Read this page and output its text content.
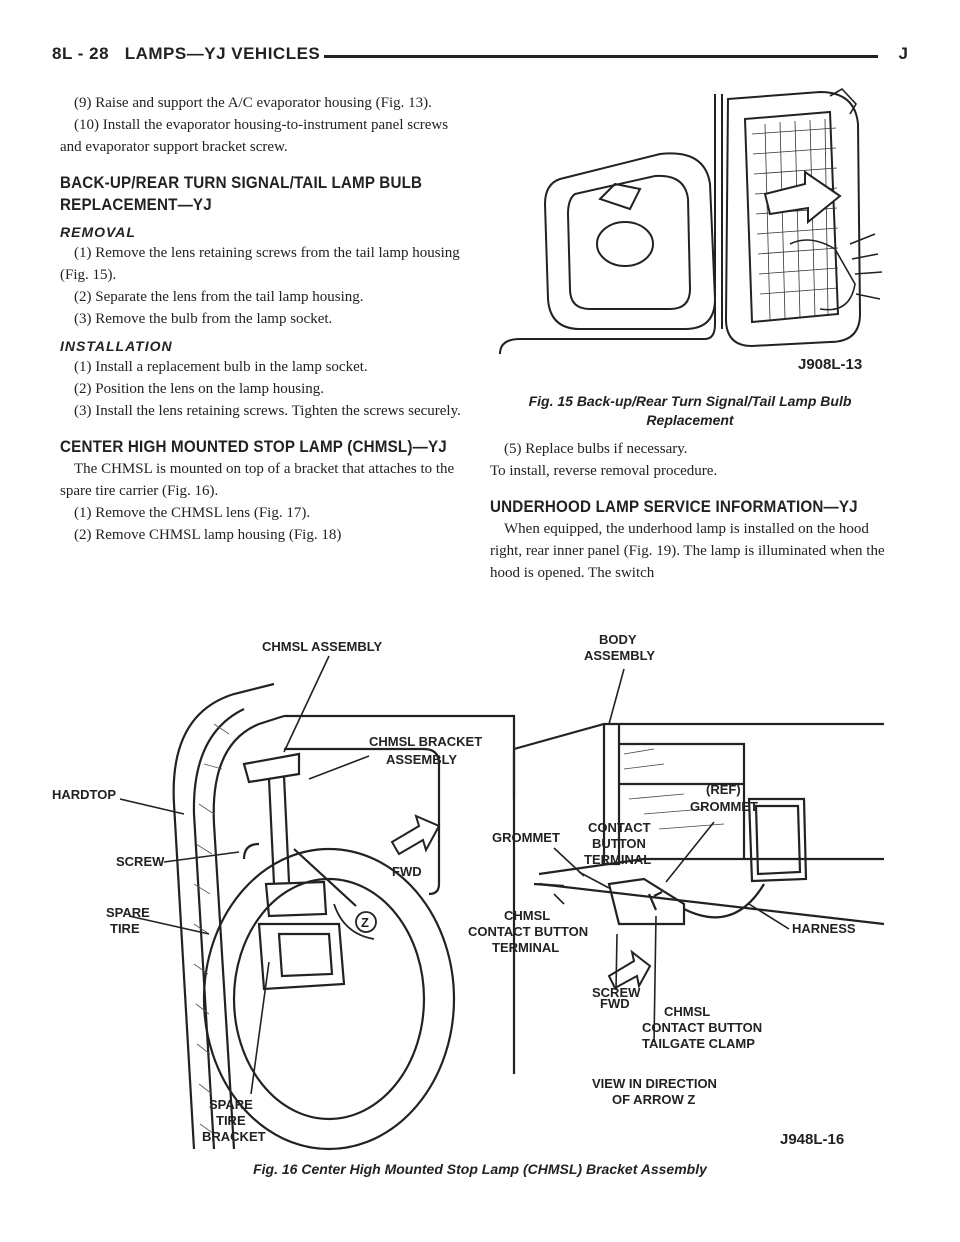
8L - 28 LAMPS—YJ VEHICLES	J

(9) Raise and support the A/C evaporator housing (Fig. 13).

(10) Install the evaporator housing-to-instrument panel screws and evaporator support bracket screw.

BACK-UP/REAR TURN SIGNAL/TAIL LAMP BULB REPLACEMENT—YJ
REMOVAL

(1) Remove the lens retaining screws from the tail lamp housing (Fig. 15).

(2) Separate the lens from the tail lamp housing.

(3) Remove the bulb from the lamp socket.

INSTALLATION

(1) Install a replacement bulb in the lamp socket.

(2) Position the lens on the lamp housing.

(3) Install the lens retaining screws. Tighten the screws securely.

CENTER HIGH MOUNTED STOP LAMP (CHMSL)—YJ

The CHMSL is mounted on top of a bracket that attaches to the spare tire carrier (Fig. 16).

(1) Remove the CHMSL lens (Fig. 17).

(2) Remove CHMSL lamp housing (Fig. 18)

J908L-13
Fig. 15 Back-up/Rear Turn Signal/Tail Lamp Bulb Replacement

(5) Replace bulbs if necessary.

To install, reverse removal procedure.

UNDERHOOD LAMP SERVICE INFORMATION—YJ

When equipped, the underhood lamp is installed on the hood right, rear inner panel (Fig. 19). The lamp is illuminated when the hood is opened. The switch

Z
CHMSL ASSEMBLY
CHMSL BRACKET
ASSEMBLY
HARDTOP
FWD
SCREW
SPARE
TIRE
SPARE
TIRE
BRACKET
BODY
ASSEMBLY
(REF)
GROMMET
GROMMET
CONTACT
BUTTON
TERMINAL
CHMSL
CONTACT BUTTON
TERMINAL
HARNESS
FWD
SCREW
CHMSL
CONTACT BUTTON
TAILGATE CLAMP
VIEW IN DIRECTION
OF ARROW Z
J948L-16
Fig. 16 Center High Mounted Stop Lamp (CHMSL) Bracket Assembly
